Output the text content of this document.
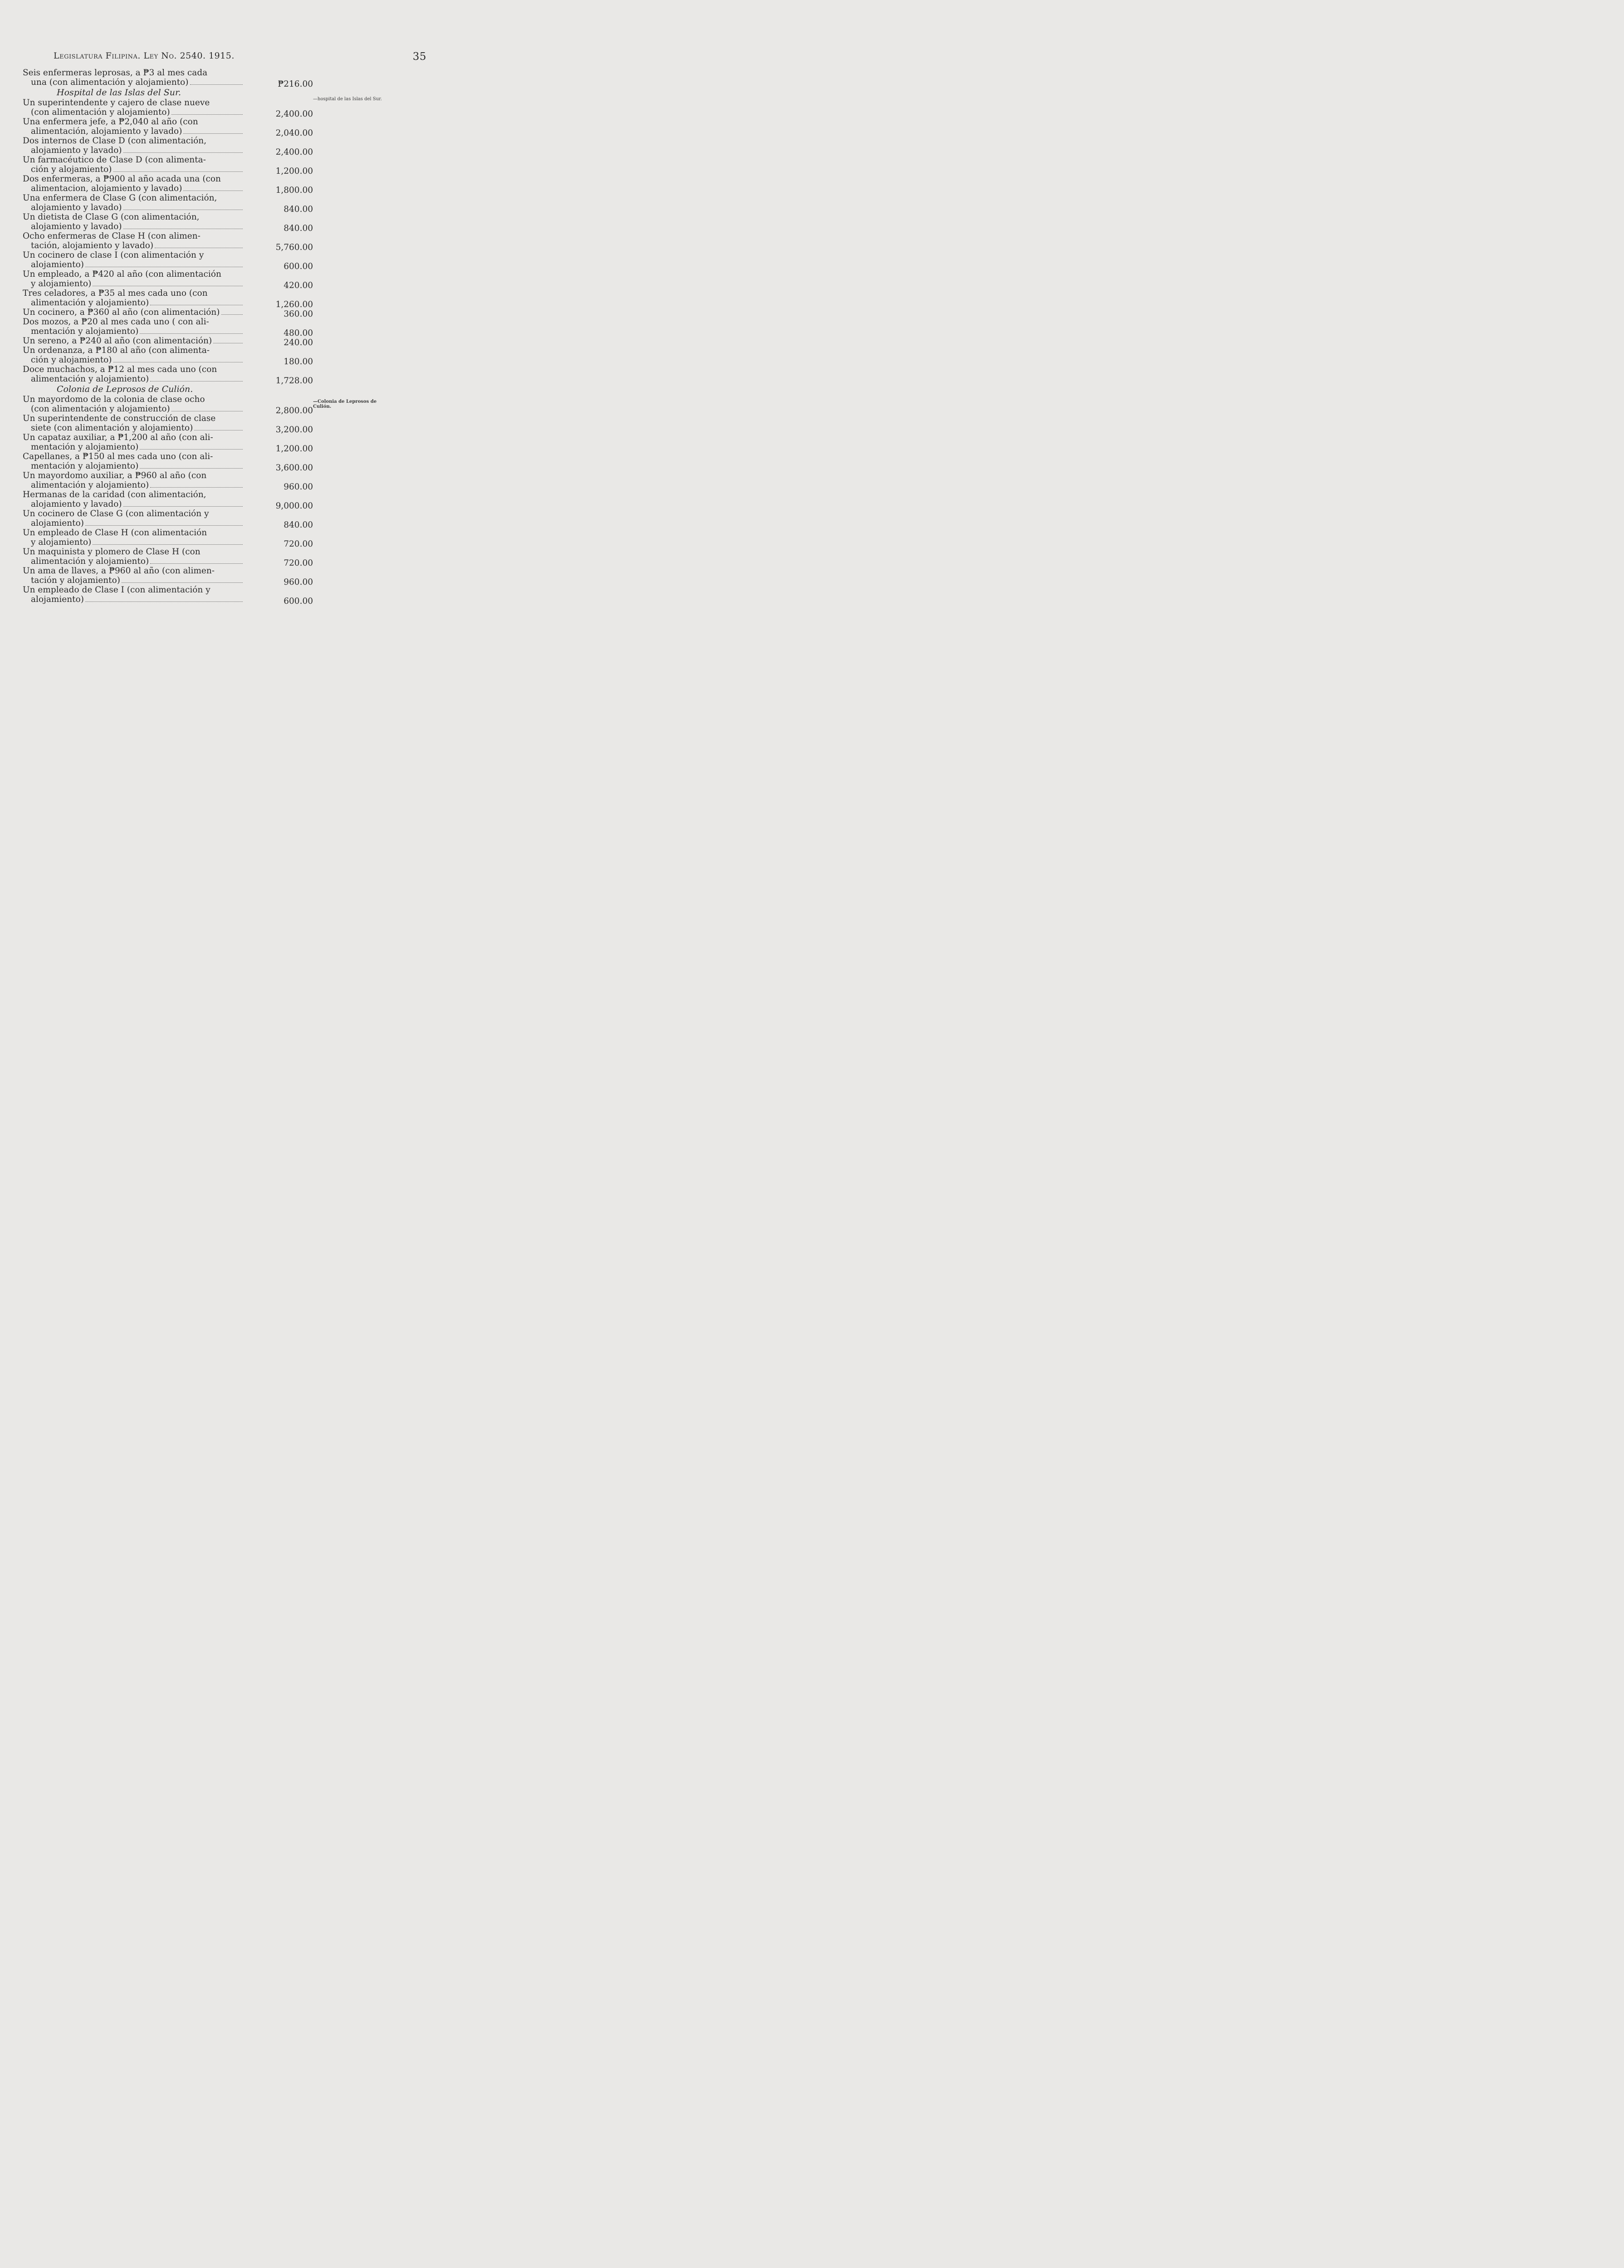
Legislatura Filipina. Ley No. 2540. 1915.	35
—hospital de las Islas del Sur.
—Colonia de Leprosos de Culión.
Seis enfermeras leprosas, a ₱3 al mes cada
una (con alimentación y alojamiento)	₱216.00
Hospital de las Islas del Sur.
Un superintendente y cajero de clase nueve
(con alimentación y alojamiento)	2,400.00
Una enfermera jefe, a ₱2,040 al año (con
alimentación, alojamiento y lavado)	2,040.00
Dos internos de Clase D (con alimentación,
alojamiento y lavado)	2,400.00
Un farmacéutico de Clase D (con alimenta-
ción y alojamiento)	1,200.00
Dos enfermeras, a ₱900 al año acada una (con
alimentacion, alojamiento y lavado)	1,800.00
Una enfermera de Clase G (con alimentación,
alojamiento y lavado)	840.00
Un dietista de Clase G (con alimentación,
alojamiento y lavado)	840.00
Ocho enfermeras de Clase H (con alimen-
tación, alojamiento y lavado)	5,760.00
Un cocinero de clase I (con alimentación y
alojamiento)	600.00
Un empleado, a ₱420 al año (con alimentación
y alojamiento)	420.00
Tres celadores, a ₱35 al mes cada uno (con
alimentación y alojamiento)	1,260.00
Un cocinero, a ₱360 al año (con alimentación)	360.00
Dos mozos, a ₱20 al mes cada uno ( con ali-
mentación y alojamiento)	480.00
Un sereno, a ₱240 al año (con alimentación)	240.00
Un ordenanza, a ₱180 al año (con alimenta-
ción y alojamiento)	180.00
Doce muchachos, a ₱12 al mes cada uno (con
alimentación y alojamiento)	1,728.00
Colonia de Leprosos de Culión.
Un mayordomo de la colonia de clase ocho
(con alimentación y alojamiento)	2,800.00
Un superintendente de construcción de clase
siete (con alimentación y alojamiento)	3,200.00
Un capataz auxiliar, a ₱1,200 al año (con ali-
mentación y alojamiento)	1,200.00
Capellanes, a ₱150 al mes cada uno (con ali-
mentación y alojamiento)	3,600.00
Un mayordomo auxiliar, a ₱960 al año (con
alimentación y alojamiento)	960.00
Hermanas de la caridad (con alimentación,
alojamiento y lavado)	9,000.00
Un cocinero de Clase G (con alimentación y
alojamiento)	840.00
Un empleado de Clase H (con alimentación
y alojamiento)	720.00
Un maquinista y plomero de Clase H (con
alimentación y alojamiento)	720.00
Un ama de llaves, a ₱960 al año (con alimen-
tación y alojamiento)	960.00
Un empleado de Clase I (con alimentación y
alojamiento)	600.00
